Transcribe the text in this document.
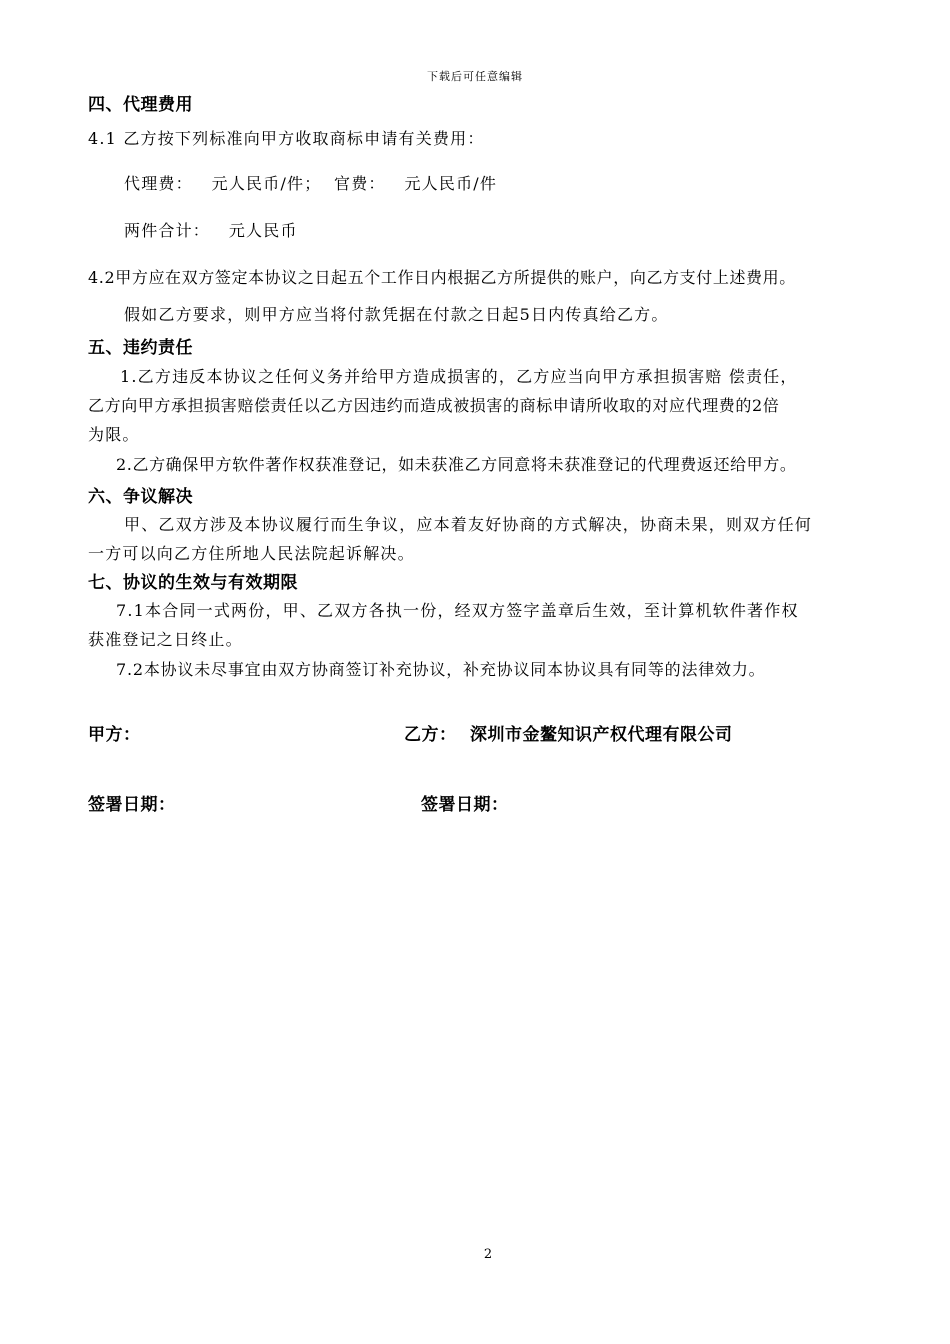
下载后可任意编辑
四、代理费用
4.1 乙方按下列标准向甲方收取商标申请有关费用：
代理费：   元人民币/件；  官费：   元人民币/件
两件合计：   元人民币
4.2甲方应在双方签定本协议之日起五个工作日内根据乙方所提供的账户，向乙方支付上述费用。
假如乙方要求，则甲方应当将付款凭据在付款之日起5日内传真给乙方。
五、违约责任
1.乙方违反本协议之任何义务并给甲方造成损害的，乙方应当向甲方承担损害赔 偿责任，
乙方向甲方承担损害赔偿责任以乙方因违约而造成被损害的商标申请所收取的对应代理费的2倍
为限。
2.乙方确保甲方软件著作权获准登记，如未获准乙方同意将未获准登记的代理费返还给甲方。
六、争议解决
甲、乙双方涉及本协议履行而生争议，应本着友好协商的方式解决，协商未果，则双方任何
一方可以向乙方住所地人民法院起诉解决。
七、协议的生效与有效期限
7.1本合同一式两份，甲、乙双方各执一份，经双方签字盖章后生效，至计算机软件著作权
获准登记之日终止。
7.2本协议未尽事宜由双方协商签订补充协议，补充协议同本协议具有同等的法律效力。
甲方：	乙方： 深圳市金鳌知识产权代理有限公司
签署日期：	签署日期：
2
